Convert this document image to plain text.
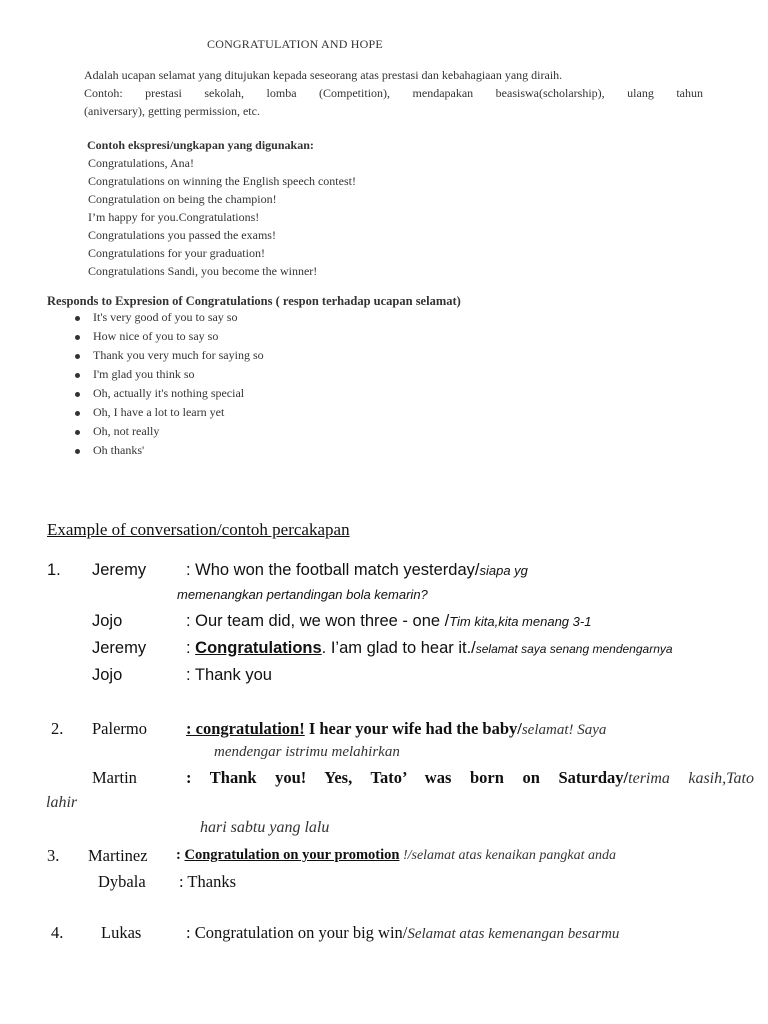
CONGRATULATION AND HOPE
Adalah ucapan selamat yang ditujukan kepada seseorang atas prestasi dan kebahagiaan yang diraih.
Contoh: prestasi sekolah, lomba (Competition), mendapakan beasiswa(scholarship), ulang tahun
(aniversary), getting permission, etc.
Contoh ekspresi/ungkapan yang digunakan:
Congratulations, Ana!
Congratulations on winning the English speech contest!
Congratulation on being the champion!
I’m happy for you.Congratulations!
Congratulations you passed the exams!
Congratulations for your graduation!
Congratulations Sandi, you become the winner!
Responds to Expresion of Congratulations ( respon terhadap ucapan selamat)
It's very good of you to say so
How nice of you to say so
Thank you very much for saying so
I'm glad you think so
Oh, actually it's nothing special
Oh, I have a lot to learn yet
Oh, not really
Oh thanks'
Example of conversation/contoh percakapan
1. Jeremy : Who won the football match yesterday/siapa yg
memenangkan pertandingan bola kemarin?
Jojo	: Our team did, we won three - one /Tim kita,kita menang 3-1
Jeremy : Congratulations. I’am glad to hear it./selamat saya senang mendengarnya
Jojo	: Thank you
2. Palermo : congratulation! I hear your wife had the baby/selamat! Saya
mendengar istrimu melahirkan
Martin	: Thank you! Yes, Tato’ was born on Saturday/terima kasih,Tato
lahir
hari sabtu yang lalu
3. Martinez : Congratulation on your promotion !/selamat atas kenaikan pangkat anda
Dybala : Thanks
4. Lukas	: Congratulation on your big win/Selamat atas kemenangan besarmu
